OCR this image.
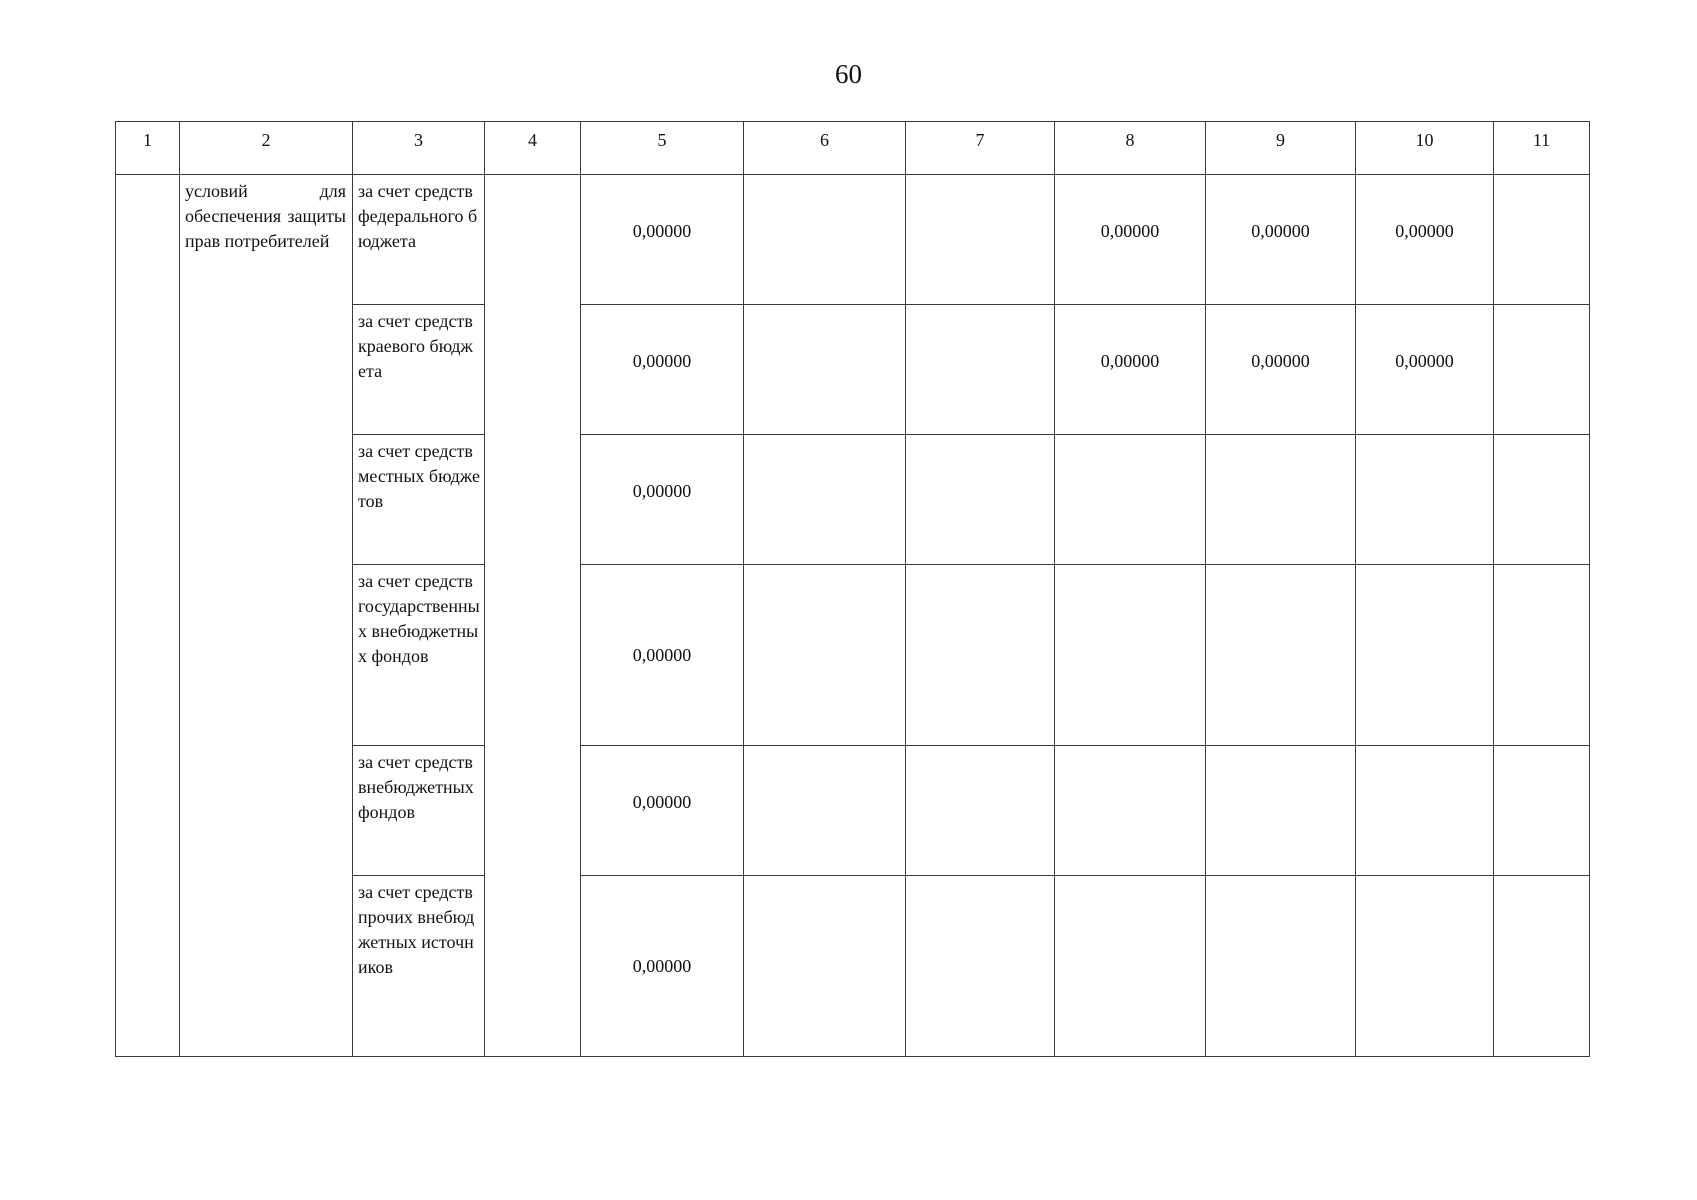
60
1	2	3	4	5	6	7	8	9	10	11
	условий для обеспечения защиты прав потребителей	за счет средств федерального бюджета		0,00000			0,00000	0,00000	0,00000	
		за счет средств краевого бюджета		0,00000			0,00000	0,00000	0,00000	
		за счет средств местных бюджетов		0,00000						
		за счет средств государственных внебюджетных фондов		0,00000						
		за счет средств внебюджетных фондов		0,00000						
		за счет средств прочих внебюджетных источников		0,00000						
